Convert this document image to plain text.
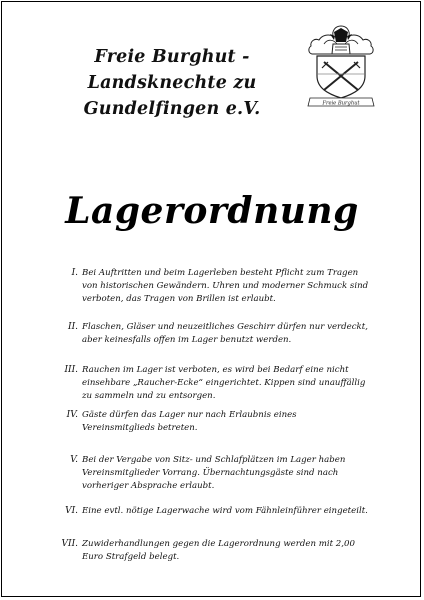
Freie Burghut -
Landsknechte zu
Gundelfingen e.V.	Freie Burghut
Lagerordnung
I. Bei Auftritten und beim Lagerleben besteht Pflicht zum Tragen von historischen Gewändern. Uhren und moderner Schmuck sind verboten, das Tragen von Brillen ist erlaubt.
II. Flaschen, Gläser und neuzeitliches Geschirr dürfen nur verdeckt, aber keinesfalls offen im Lager benutzt werden.
III. Rauchen im Lager ist verboten, es wird bei Bedarf eine nicht einsehbare „Raucher-Ecke“ eingerichtet. Kippen sind unauffällig zu sammeln und zu entsorgen.
IV. Gäste dürfen das Lager nur nach Erlaubnis eines Vereinsmitglieds betreten.
V. Bei der Vergabe von Sitz- und Schlafplätzen im Lager haben Vereinsmitglieder Vorrang. Übernachtungsgäste sind nach vorheriger Absprache erlaubt.
VI. Eine evtl. nötige Lagerwache wird vom Fähnleinführer eingeteilt.
VII. Zuwiderhandlungen gegen die Lagerordnung werden mit 2,00 Euro Strafgeld belegt.
